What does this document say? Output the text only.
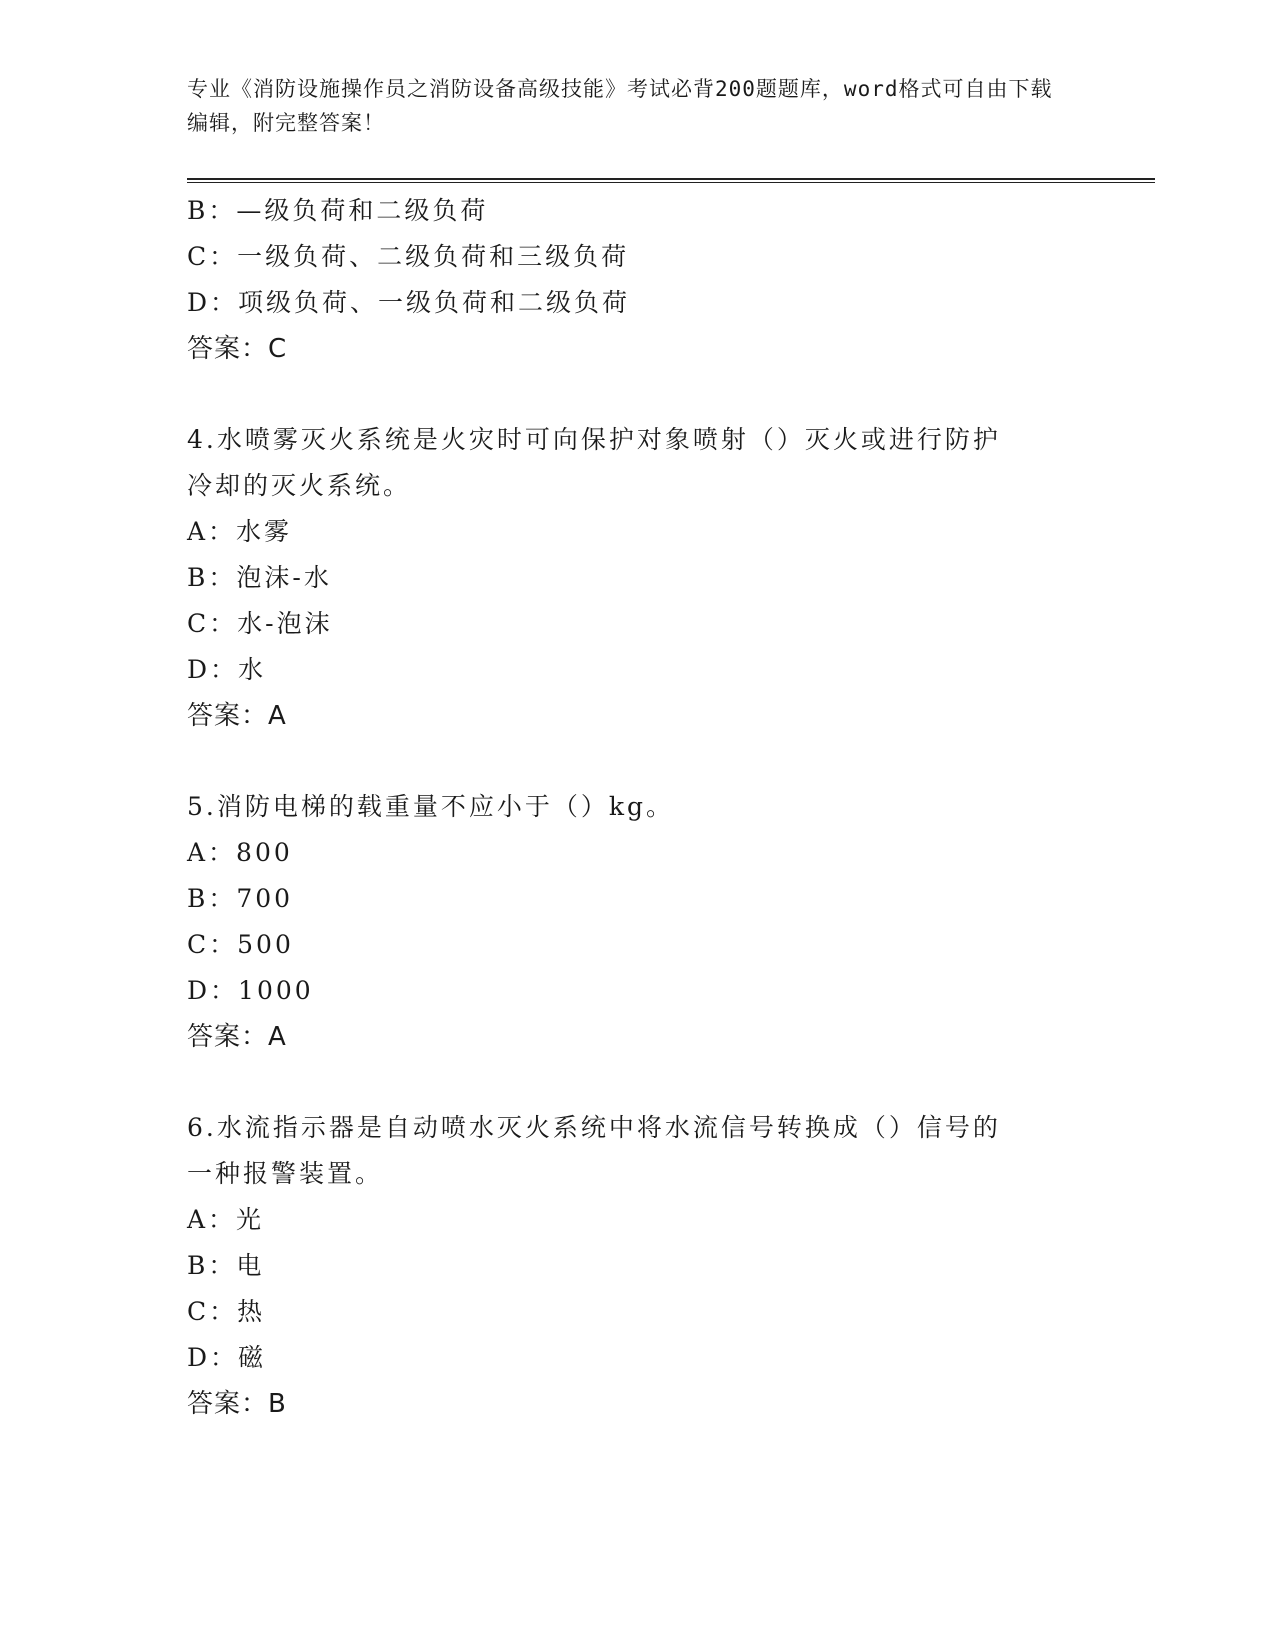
专业《消防设施操作员之消防设备高级技能》考试必背200题题库，word格式可自由下载编辑，附完整答案！
B：—级负荷和二级负荷
C：一级负荷、二级负荷和三级负荷
D：项级负荷、一级负荷和二级负荷
答案：C
4.水喷雾灭火系统是火灾时可向保护对象喷射（）灭火或进行防护冷却的灭火系统。
A：水雾
B：泡沫-水
C：水-泡沫
D：水
答案：A
5.消防电梯的载重量不应小于（）kg。
A：800
B：700
C：500
D：1000
答案：A
6.水流指示器是自动喷水灭火系统中将水流信号转换成（）信号的一种报警装置。
A：光
B：电
C：热
D：磁
答案：B
